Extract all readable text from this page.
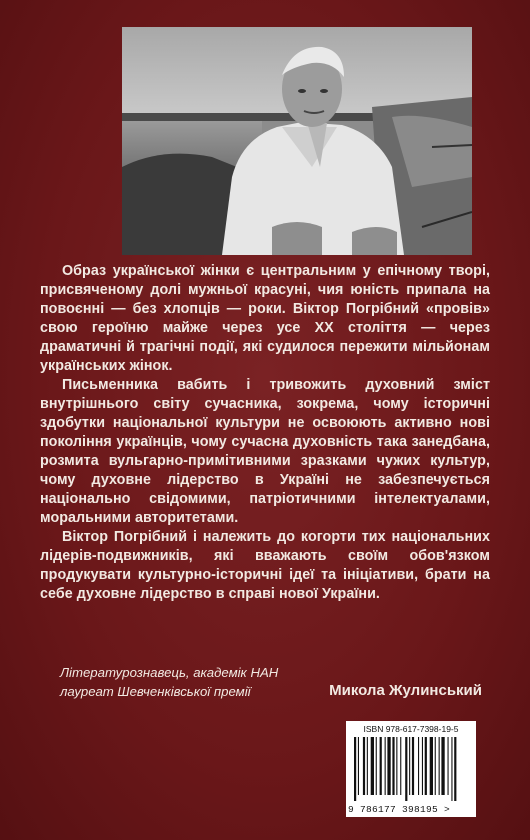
Образ української жінки є центральним у епічному творі, присвяченому долі мужньої красуні, чия юність припала на повоєнні — без хлопців — роки. Віктор Погрібний «провів» свою героїню майже через усе XX століття — через драматичні й трагічні події, які судилося пережити мільйонам українських жінок.

Письменника вабить і тривожить духовний зміст внутрішнього світу сучасника, зокрема, чому історичні здобутки національної культури не освоюють активно нові покоління українців, чому сучасна духовність така занедбана, розмита вульгарно-примітивними зразками чужих культур, чому духовне лідерство в Україні не забезпечується національно свідомими, патріотичними інтелектуалами, моральними авторитетами.

Віктор Погрібний і належить до когорти тих національних лідерів-подвижників, які вважають своїм обов'язком продукувати культурно-історичні ідеї та ініціативи, брати на себе духовне лідерство в справі нової України.

Літературознавець, академік НАН
лауреат Шевченківської премії	Микола Жулинський
ISBN 978-617-7398-19-5
9 786177 398195 >
